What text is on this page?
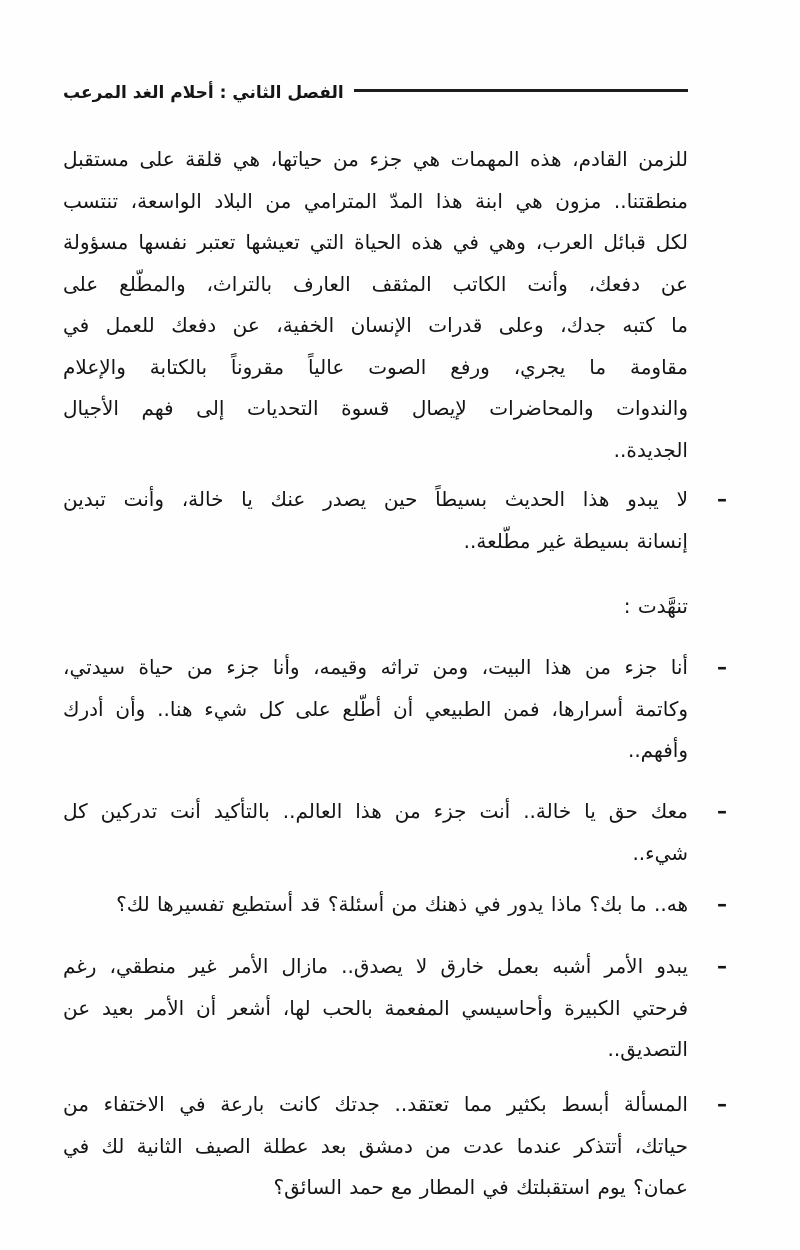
الفصل الثاني : أحلام الغد المرعب
للزمن القادم، هذه المهمات هي جزء من حياتها، هي قلقة على مستقبل
منطقتنا.. مزون هي ابنة هذا المدّ المترامي من البلاد الواسعة، تنتسب
لكل قبائل العرب، وهي في هذه الحياة التي تعيشها تعتبر نفسها مسؤولة
عن دفعك، وأنت الكاتب المثقف العارف بالتراث، والمطّلع على
ما كتبه جدك، وعلى قدرات الإنسان الخفية، عن دفعك للعمل في
مقاومة ما يجري، ورفع الصوت عالياً مقروناً بالكتابة والإعلام
والندوات والمحاضرات لإيصال قسوة التحديات إلى فهم الأجيال
الجديدة..
–
لا يبدو هذا الحديث بسيطاً حين يصدر عنك يا خالة، وأنت تبدين
إنسانة بسيطة غير مطّلعة..
تنهَّدت :
–
أنا جزء من هذا البيت، ومن تراثه وقيمه، وأنا جزء من حياة سيدتي،
وكاتمة أسرارها، فمن الطبيعي أن أطّلع على كل شيء هنا.. وأن أدرك
وأفهم..
–
معك حق يا خالة.. أنت جزء من هذا العالم.. بالتأكيد أنت تدركين كل
شيء..
–
هه.. ما بك؟ ماذا يدور في ذهنك من أسئلة؟ قد أستطيع تفسيرها لك؟
–
يبدو الأمر أشبه بعمل خارق لا يصدق.. مازال الأمر غير منطقي، رغم
فرحتي الكبيرة وأحاسيسي المفعمة بالحب لها، أشعر أن الأمر بعيد عن
التصديق..
–
المسألة أبسط بكثير مما تعتقد.. جدتك كانت بارعة في الاختفاء من
حياتك، أتتذكر عندما عدت من دمشق بعد عطلة الصيف الثانية لك في
عمان؟ يوم استقبلتك في المطار مع حمد السائق؟
